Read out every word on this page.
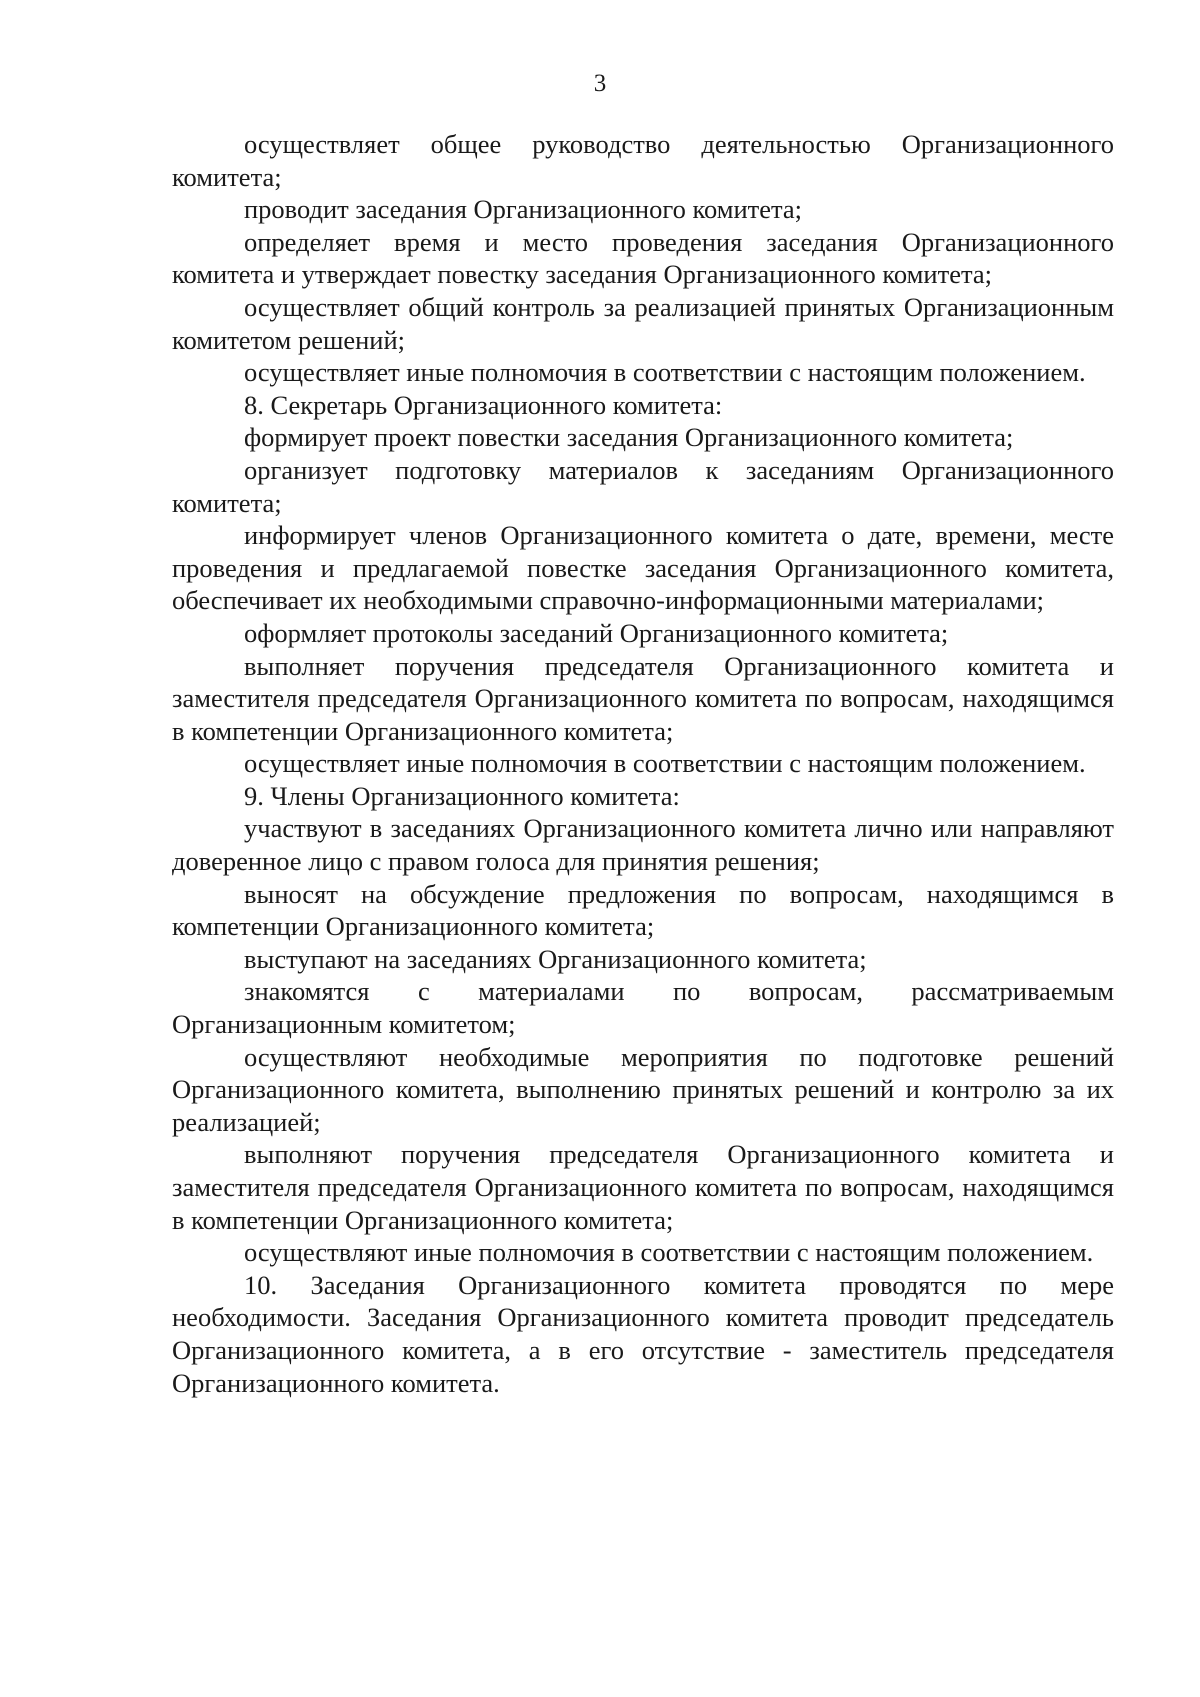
3

осуществляет общее руководство деятельностью Организационного комитета;

проводит заседания Организационного комитета;

определяет время и место проведения заседания Организационного комитета и утверждает повестку заседания Организационного комитета;

осуществляет общий контроль за реализацией принятых Организационным комитетом решений;

осуществляет иные полномочия в соответствии с настоящим положением.

8. Секретарь Организационного комитета:

формирует проект повестки заседания Организационного комитета;

организует подготовку материалов к заседаниям Организационного комитета;

информирует членов Организационного комитета о дате, времени, месте проведения и предлагаемой повестке заседания Организационного комитета, обеспечивает их необходимыми справочно-информационными материалами;

оформляет протоколы заседаний Организационного комитета;

выполняет поручения председателя Организационного комитета и заместителя председателя Организационного комитета по вопросам, находящимся в компетенции Организационного комитета;

осуществляет иные полномочия в соответствии с настоящим положением.

9. Члены Организационного комитета:

участвуют в заседаниях Организационного комитета лично или направляют доверенное лицо с правом голоса для принятия решения;

выносят на обсуждение предложения по вопросам, находящимся в компетенции Организационного комитета;

выступают на заседаниях Организационного комитета;

знакомятся с материалами по вопросам, рассматриваемым Организационным комитетом;

осуществляют необходимые мероприятия по подготовке решений Организационного комитета, выполнению принятых решений и контролю за их реализацией;

выполняют поручения председателя Организационного комитета и заместителя председателя Организационного комитета по вопросам, находящимся в компетенции Организационного комитета;

осуществляют иные полномочия в соответствии с настоящим положением.

10. Заседания Организационного комитета проводятся по мере необходимости. Заседания Организационного комитета проводит председатель Организационного комитета, а в его отсутствие - заместитель председателя Организационного комитета.
